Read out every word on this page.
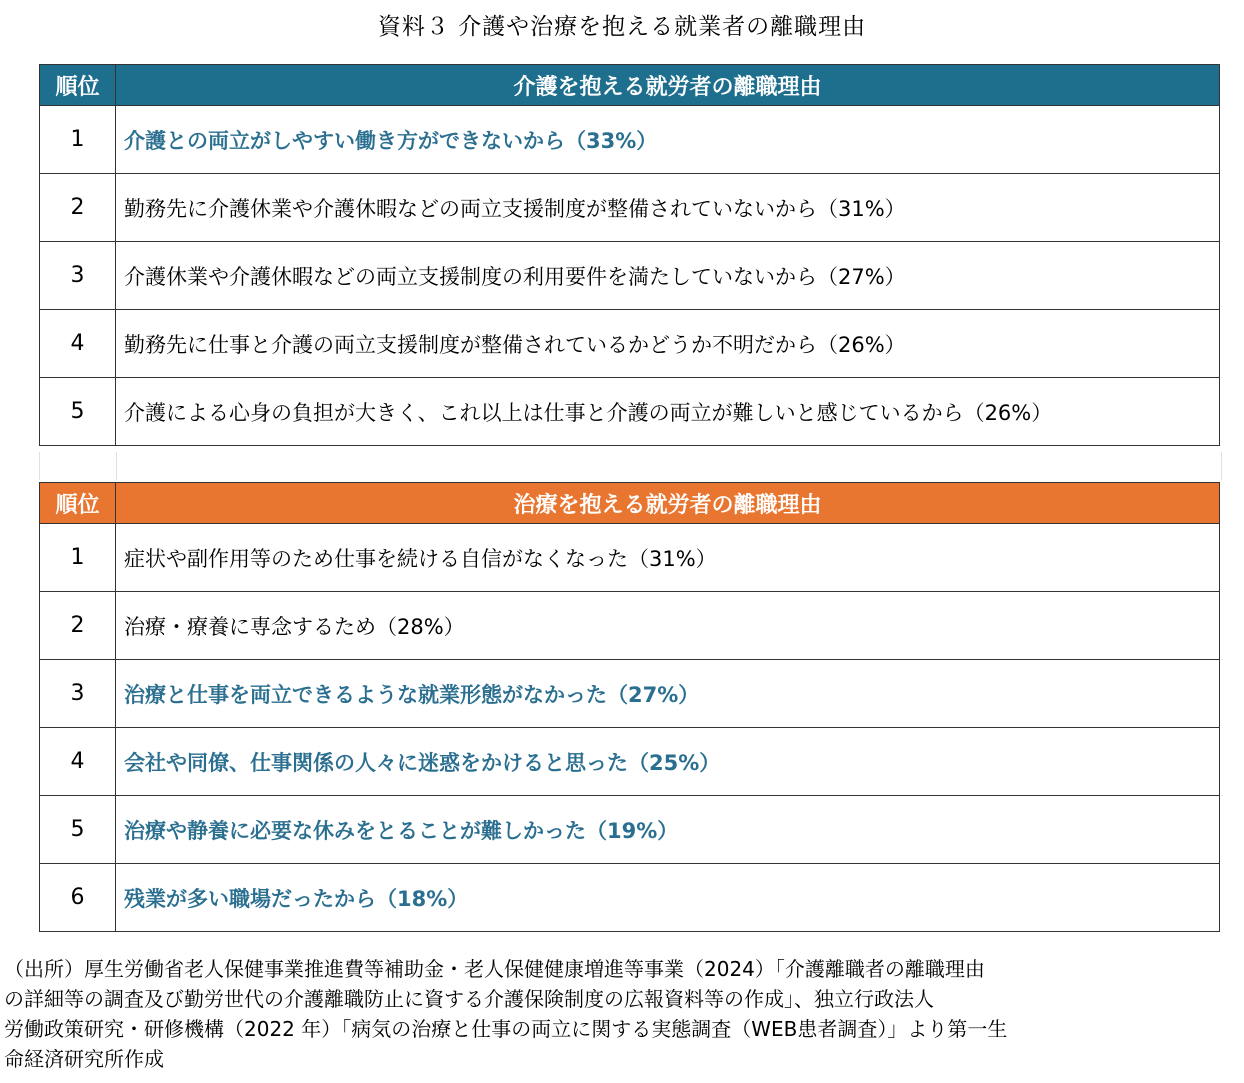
資料３ 介護や治療を抱える就業者の離職理由
順位	介護を抱える就労者の離職理由
1	介護との両立がしやすい働き方ができないから（33%）
2	勤務先に介護休業や介護休暇などの両立支援制度が整備されていないから（31%）
3	介護休業や介護休暇などの両立支援制度の利用要件を満たしていないから（27%）
4	勤務先に仕事と介護の両立支援制度が整備されているかどうか不明だから（26%）
5	介護による心身の負担が大きく、これ以上は仕事と介護の両立が難しいと感じているから（26%）
順位	治療を抱える就労者の離職理由
1	症状や副作用等のため仕事を続ける自信がなくなった（31%）
2	治療・療養に専念するため（28%）
3	治療と仕事を両立できるような就業形態がなかった（27%）
4	会社や同僚、仕事関係の人々に迷惑をかけると思った（25%）
5	治療や静養に必要な休みをとることが難しかった（19%）
6	残業が多い職場だったから（18%）
（出所）厚生労働省老人保健事業推進費等補助金・老人保健健康増進等事業（2024）「介護離職者の離職理由
の詳細等の調査及び勤労世代の介護離職防止に資する介護保険制度の広報資料等の作成」、独立行政法人
労働政策研究・研修機構（2022 年）「病気の治療と仕事の両立に関する実態調査（WEB患者調査）」より第一生
命経済研究所作成
